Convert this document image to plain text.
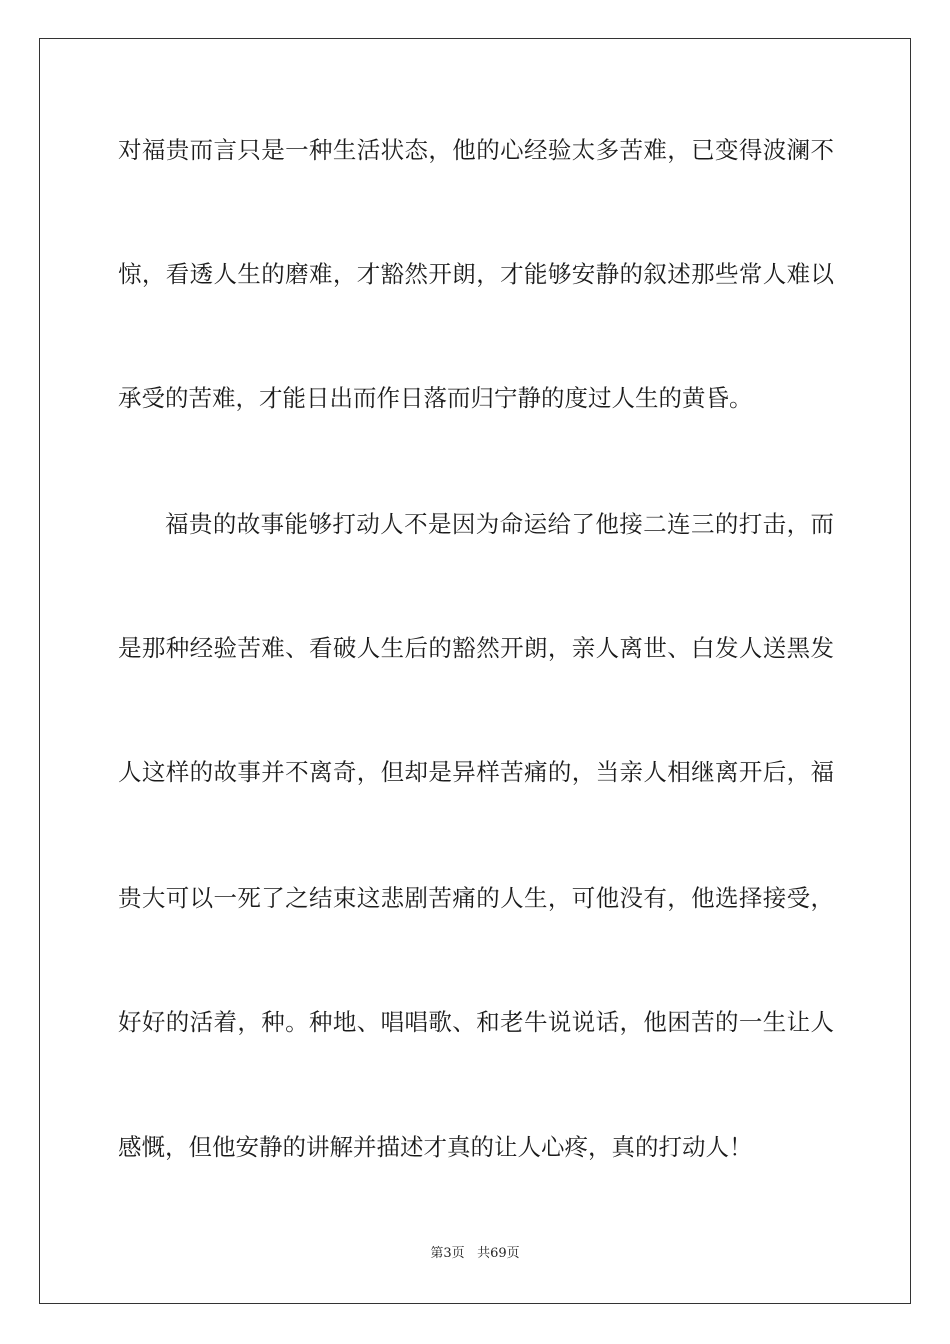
对福贵而言只是一种生活状态，他的心经验太多苦难，已变得波澜不
惊，看透人生的磨难，才豁然开朗，才能够安静的叙述那些常人难以
承受的苦难，才能日出而作日落而归宁静的度过人生的黄昏。
福贵的故事能够打动人不是因为命运给了他接二连三的打击，而
是那种经验苦难、看破人生后的豁然开朗，亲人离世、白发人送黑发
人这样的故事并不离奇，但却是异样苦痛的，当亲人相继离开后，福
贵大可以一死了之结束这悲剧苦痛的人生，可他没有，他选择接受，
好好的活着，种。种地、唱唱歌、和老牛说说话，他困苦的一生让人
感慨，但他安静的讲解并描述才真的让人心疼，真的打动人！
第3页 共69页
